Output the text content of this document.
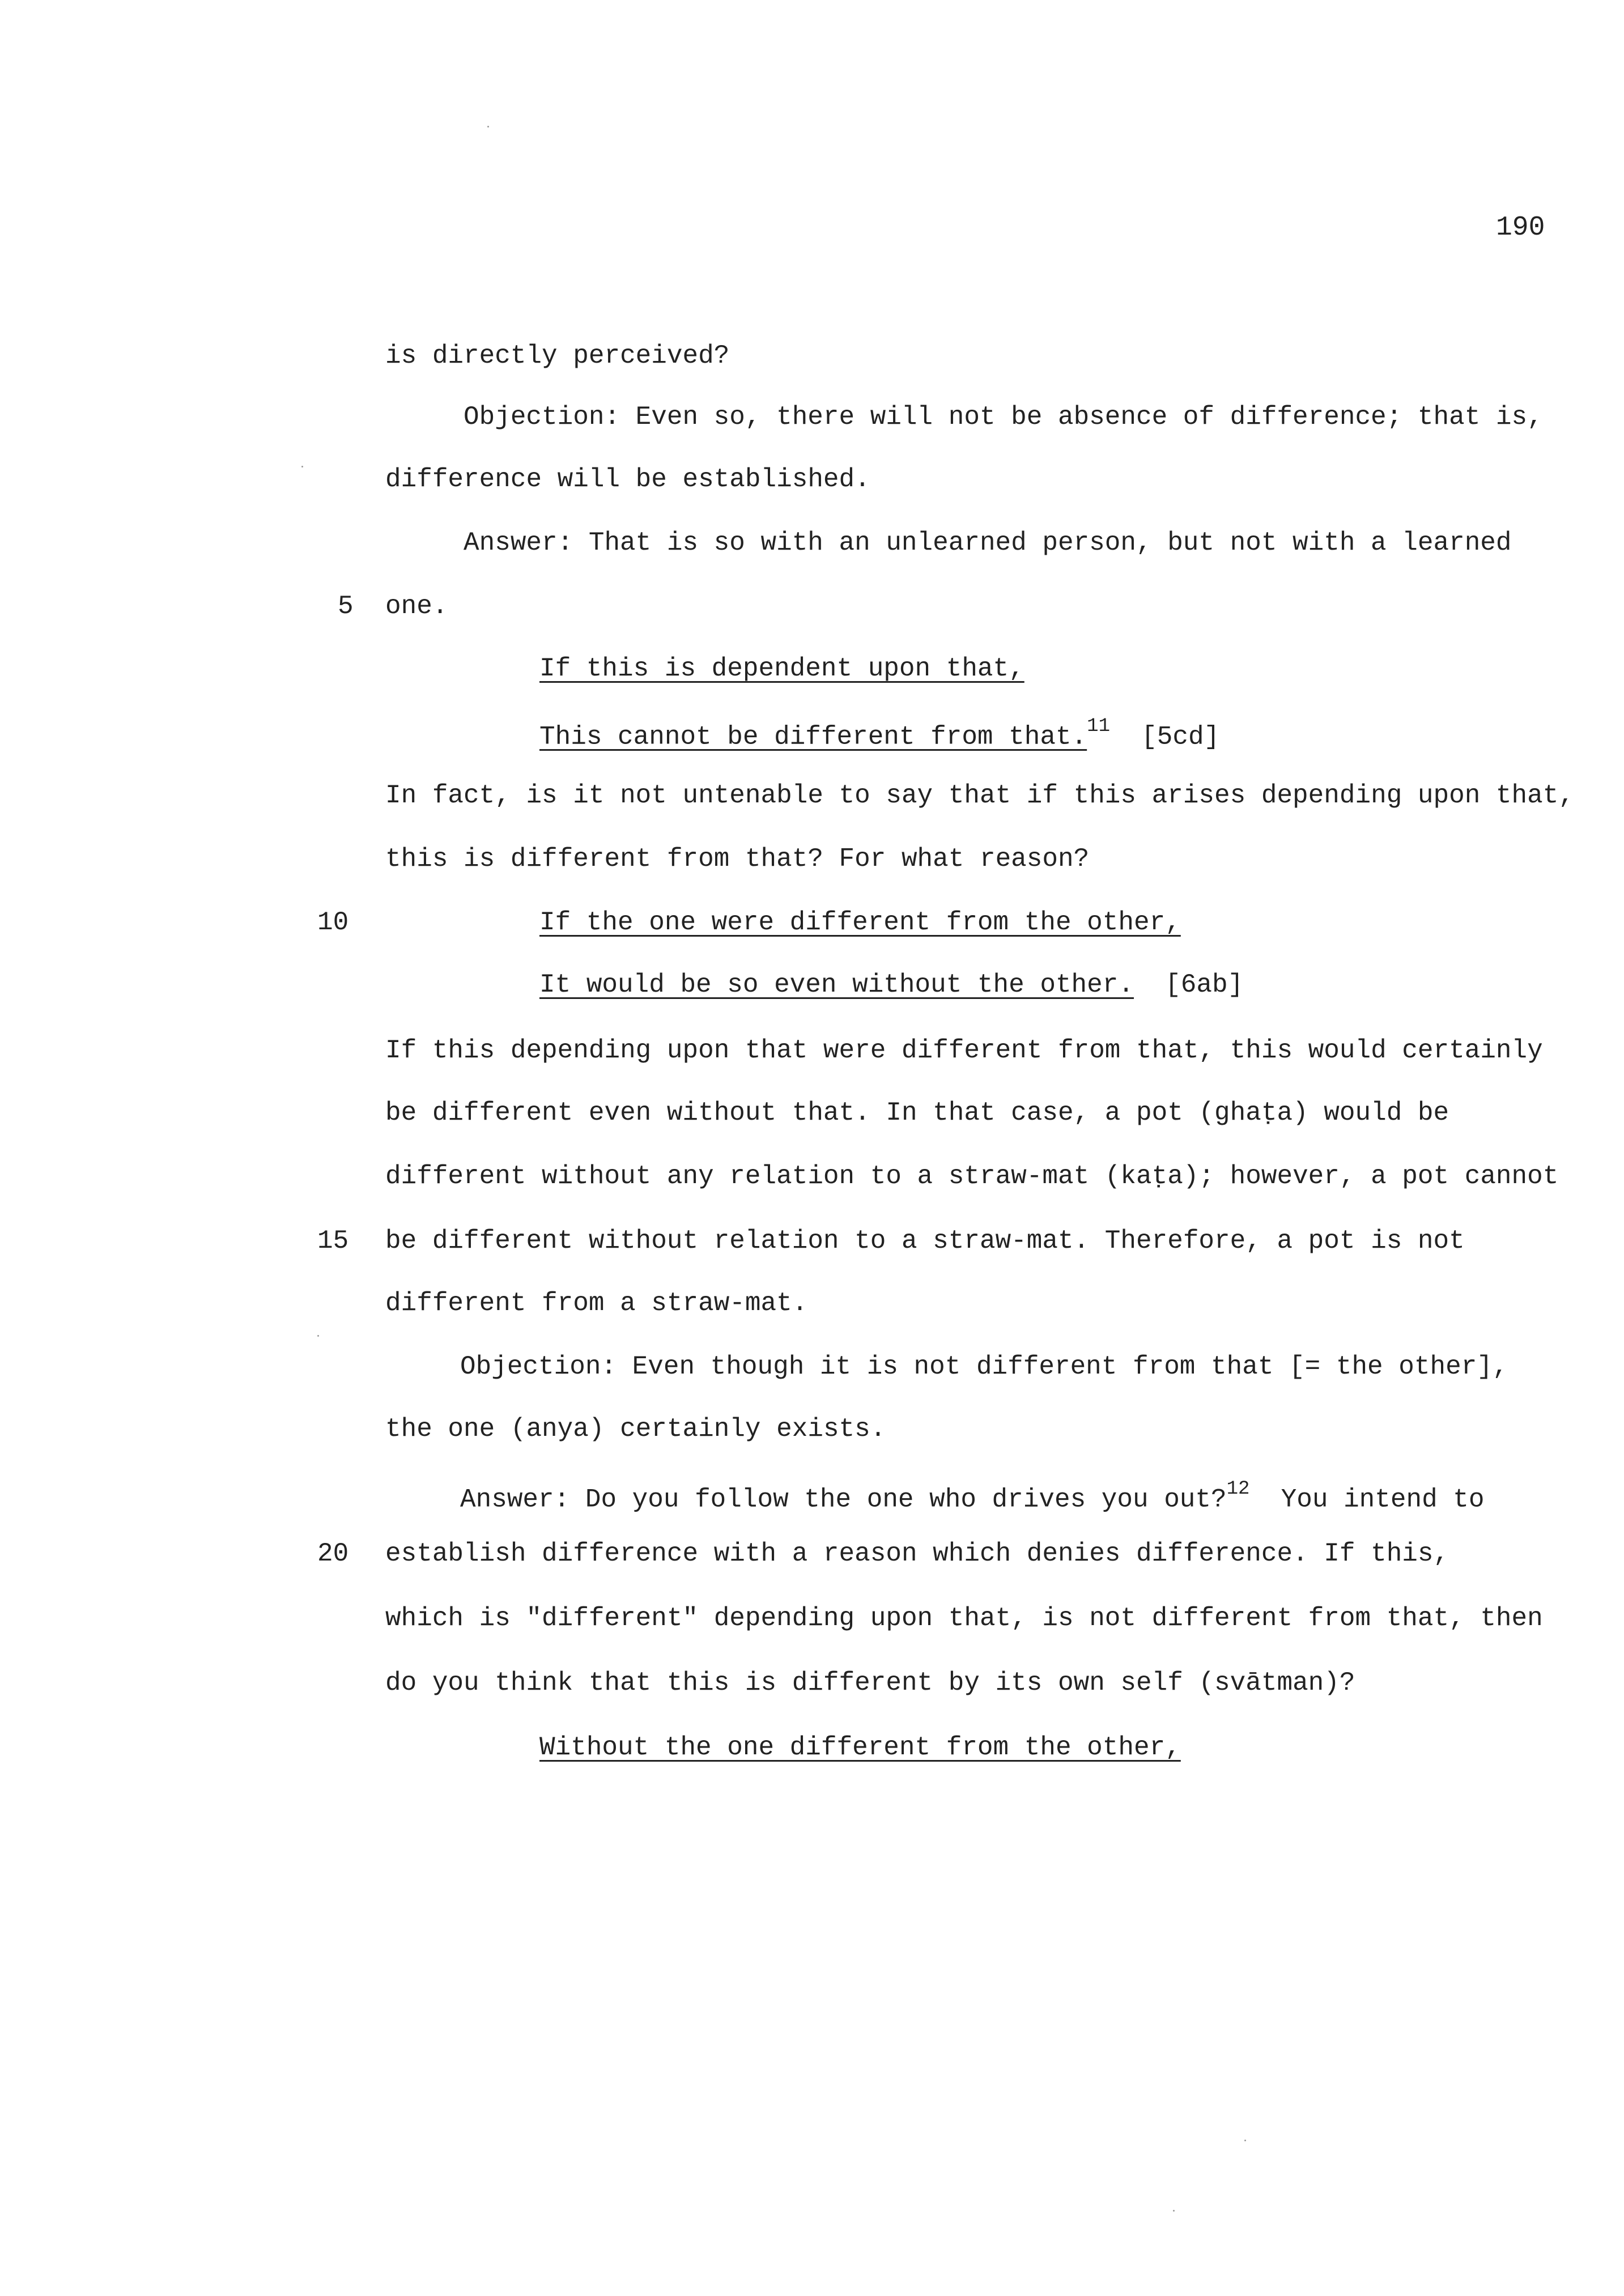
190
5
10
15
20
is directly perceived?
Objection: Even so, there will not be absence of difference; that is,
difference will be established.
Answer: That is so with an unlearned person, but not with a learned
one.
If this is dependent upon that,
This cannot be different from that.$^{11}$ [5cd]
In fact, is it not untenable to say that if this arises depending upon that,
this is different from that? For what reason?
If the one were different from the other,
It would be so even without the other. [6ab]
If this depending upon that were different from that, this would certainly
be different even without that. In that case, a pot (ghaṭa) would be
different without any relation to a straw-mat (kaṭa); however, a pot cannot
be different without relation to a straw-mat. Therefore, a pot is not
different from a straw-mat.
Objection: Even though it is not different from that [= the other],
the one (anya) certainly exists.
Answer: Do you follow the one who drives you out?$^{12}$ You intend to
establish difference with a reason which denies difference. If this,
which is "different" depending upon that, is not different from that, then
do you think that this is different by its own self (svātman)?
Without the one different from the other,
